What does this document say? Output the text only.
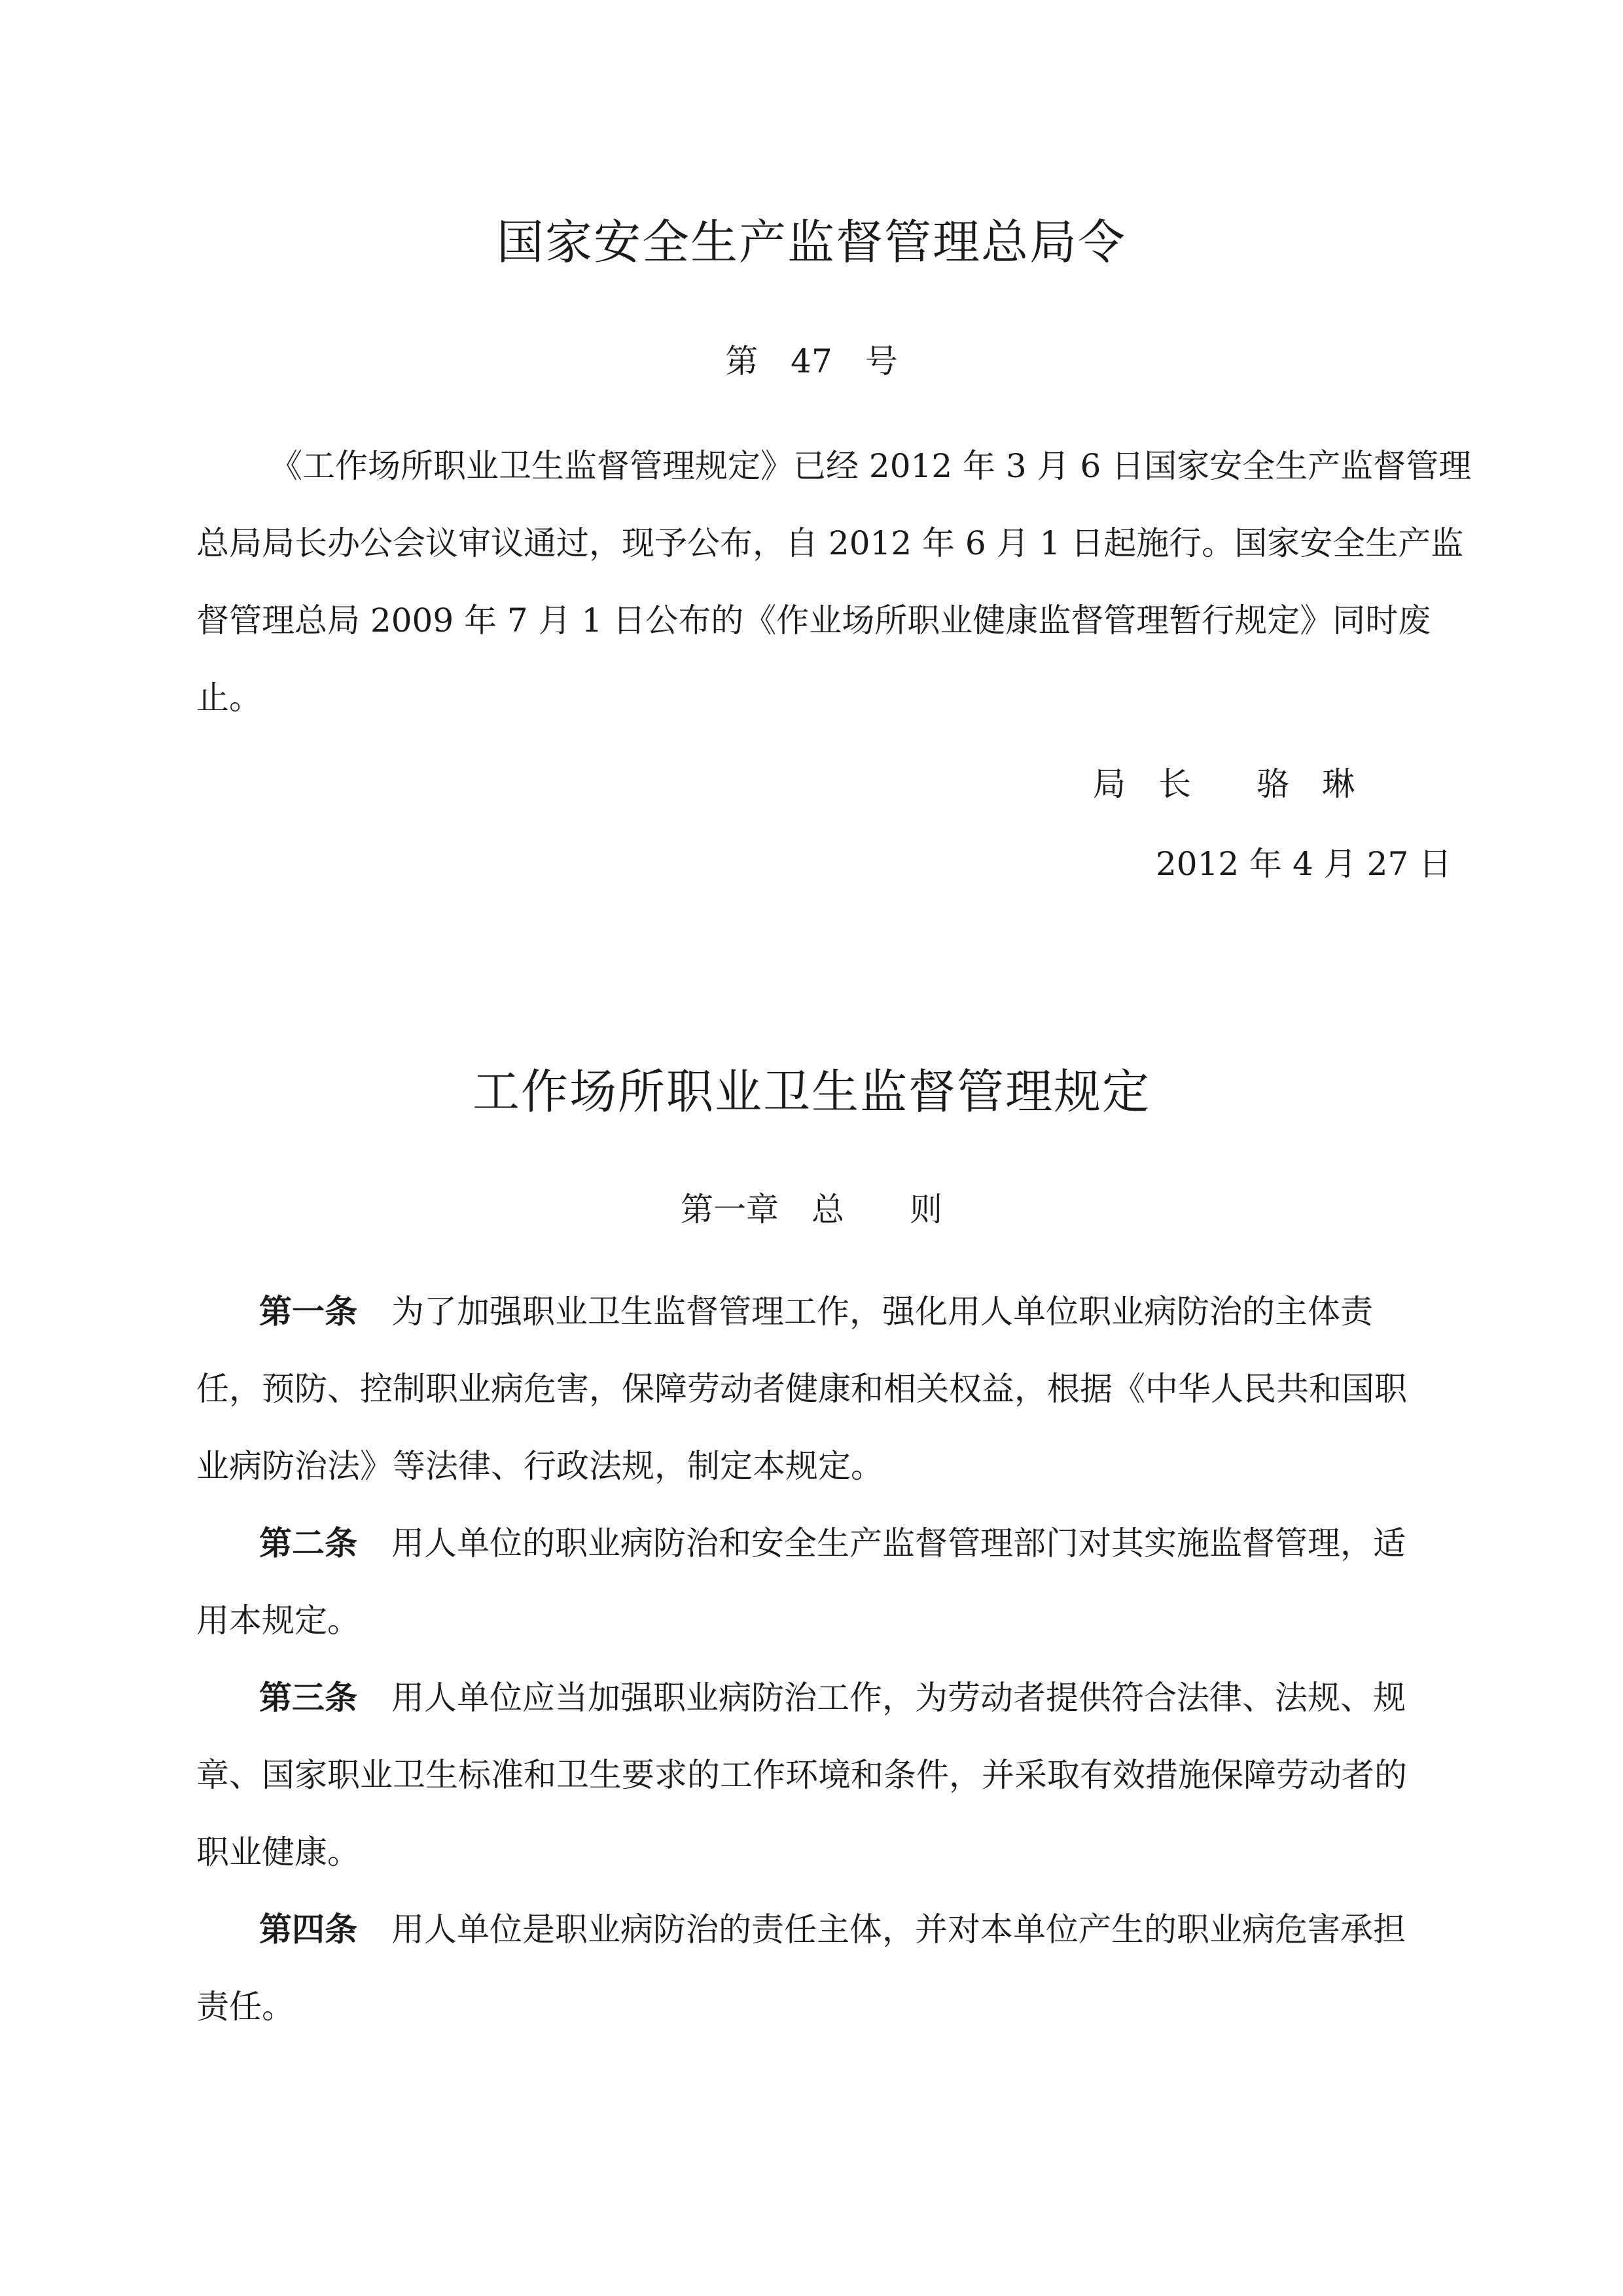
国家安全生产监督管理总局令
第　47　号
《工作场所职业卫生监督管理规定》已经 2012 年 3 月 6 日国家安全生产监督管理
总局局长办公会议审议通过，现予公布，自 2012 年 6 月 1 日起施行。国家安全生产监
督管理总局 2009 年 7 月 1 日公布的《作业场所职业健康监督管理暂行规定》同时废
止。
局　长　　骆　琳
2012 年 4 月 27 日
工作场所职业卫生监督管理规定
第一章　总　　则
第一条 为了加强职业卫生监督管理工作，强化用人单位职业病防治的主体责
任，预防、控制职业病危害，保障劳动者健康和相关权益，根据《中华人民共和国职
业病防治法》等法律、行政法规，制定本规定。
第二条 用人单位的职业病防治和安全生产监督管理部门对其实施监督管理，适
用本规定。
第三条 用人单位应当加强职业病防治工作，为劳动者提供符合法律、法规、规
章、国家职业卫生标准和卫生要求的工作环境和条件，并采取有效措施保障劳动者的
职业健康。
第四条 用人单位是职业病防治的责任主体，并对本单位产生的职业病危害承担
责任。
